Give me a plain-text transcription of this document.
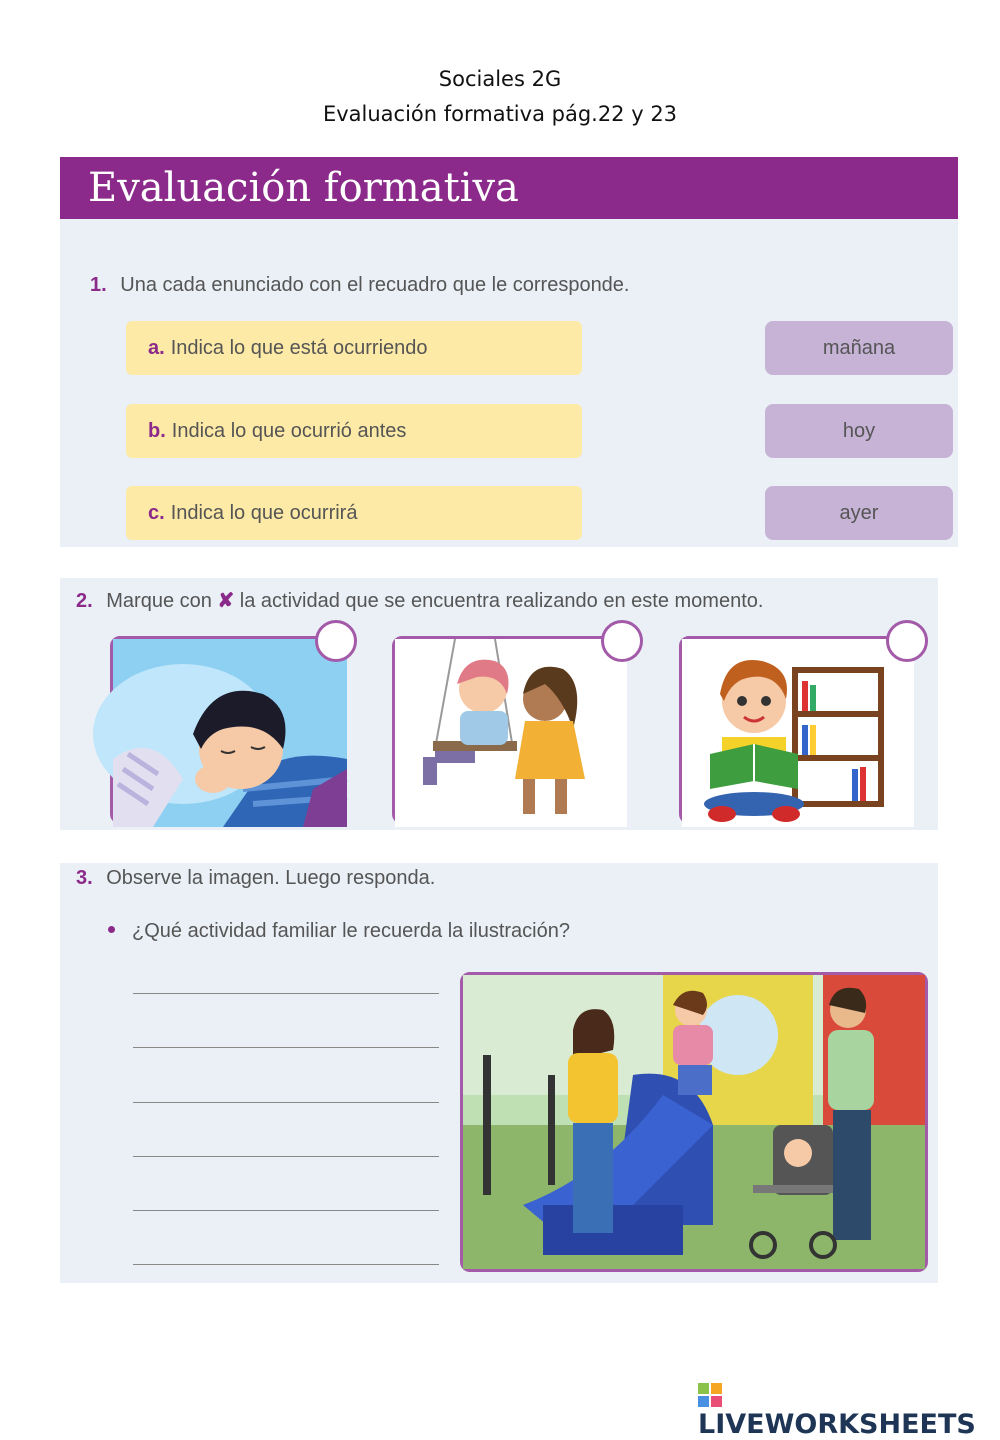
Sociales 2G
Evaluación formativa pág.22 y 23
Evaluación formativa
1. Una cada enunciado con el recuadro que le corresponde.
a. Indica lo que está ocurriendo
b. Indica lo que ocurrió antes
c. Indica lo que ocurrirá
mañana
hoy
ayer
2. Marque con ✘ la actividad que se encuentra realizando en este momento.
3. Observe la imagen. Luego responda.
¿Qué actividad familiar le recuerda la ilustración?
LIVEWORKSHEETS
